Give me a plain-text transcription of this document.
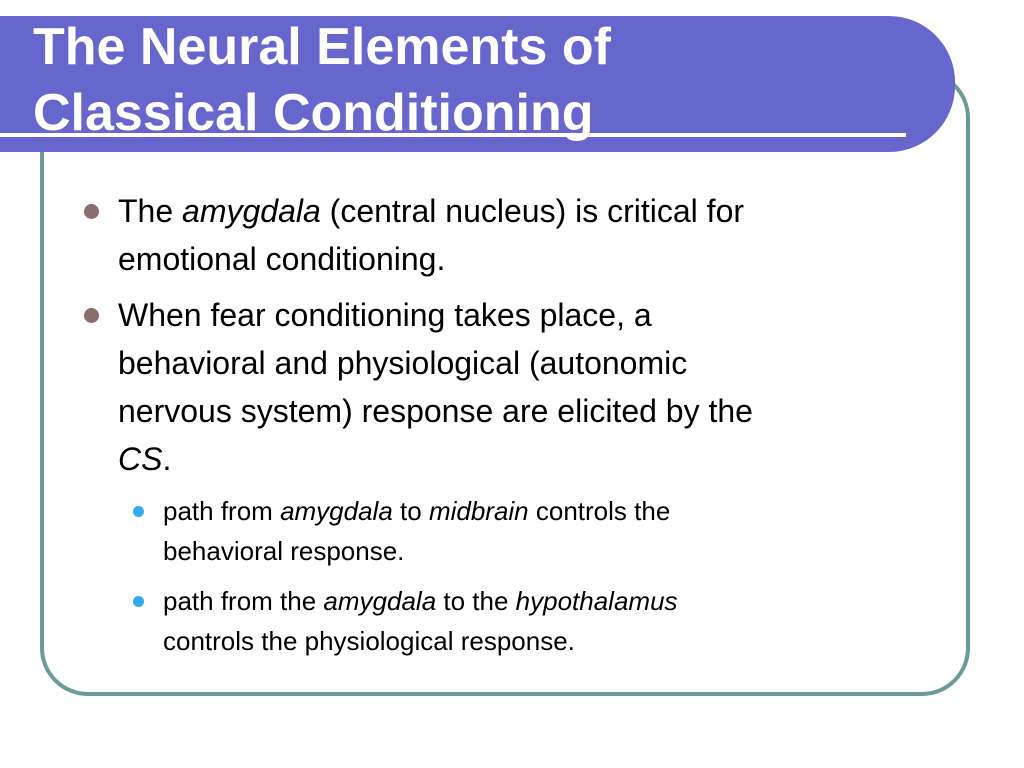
The Neural Elements of
Classical Conditioning
The amygdala (central nucleus) is critical for
emotional conditioning.
When fear conditioning takes place, a
behavioral and physiological (autonomic
nervous system) response are elicited by the
CS.
path from amygdala to midbrain controls the
behavioral response.
path from the amygdala to the hypothalamus
controls the physiological response.
